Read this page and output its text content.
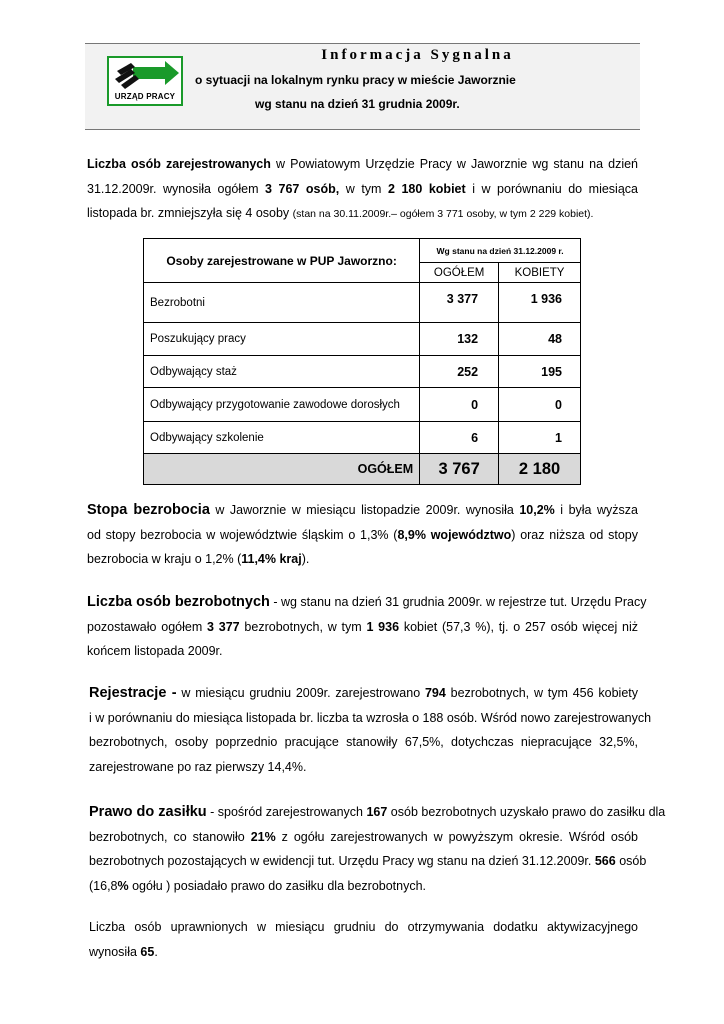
URZĄD PRACY
Informacja Sygnalna
o sytuacji na lokalnym rynku pracy w mieście Jaworznie
wg stanu na dzień 31 grudnia 2009r.
Liczba osób zarejestrowanych w Powiatowym Urzędzie Pracy w Jaworznie wg stanu na dzień
31.12.2009r. wynosiła ogółem 3 767 osób, w tym 2 180 kobiet i w porównaniu do miesiąca
listopada br. zmniejszyła się 4 osoby (stan na 30.11.2009r.– ogółem 3 771 osoby, w tym 2 229 kobiet).
Osoby zarejestrowane w PUP Jaworzno:	Wg stanu na dzień 31.12.2009 r.	
	OGÓŁEM	KOBIETY
Bezrobotni	3 377	1 936
Poszukujący pracy	132	48
Odbywający staż	252	195
Odbywający przygotowanie zawodowe dorosłych	0	0
Odbywający szkolenie	6	1
OGÓŁEM	3 767	2 180
Stopa bezrobocia w Jaworznie w miesiącu listopadzie 2009r. wynosiła 10,2% i była wyższa
od stopy bezrobocia w województwie śląskim o 1,3% (8,9% województwo) oraz niższa od stopy
bezrobocia w kraju o 1,2% (11,4% kraj).
Liczba osób bezrobotnych - wg stanu na dzień 31 grudnia 2009r. w rejestrze tut. Urzędu Pracy
pozostawało ogółem 3 377 bezrobotnych, w tym 1 936 kobiet (57,3 %), tj. o 257 osób więcej niż
końcem listopada 2009r.
Rejestracje - w miesiącu grudniu 2009r. zarejestrowano 794 bezrobotnych, w tym 456 kobiety
i w porównaniu do miesiąca listopada br. liczba ta wzrosła o 188 osób. Wśród nowo zarejestrowanych
bezrobotnych, osoby poprzednio pracujące stanowiły 67,5%, dotychczas niepracujące 32,5%,
zarejestrowane po raz pierwszy 14,4%.
Prawo do zasiłku - spośród zarejestrowanych 167 osób bezrobotnych uzyskało prawo do zasiłku dla
bezrobotnych, co stanowiło 21% z ogółu zarejestrowanych w powyższym okresie. Wśród osób
bezrobotnych pozostających w ewidencji tut. Urzędu Pracy wg stanu na dzień 31.12.2009r. 566 osób
(16,8% ogółu ) posiadało prawo do zasiłku dla bezrobotnych.
Liczba osób uprawnionych w miesiącu grudniu do otrzymywania dodatku aktywizacyjnego
wynosiła 65.
